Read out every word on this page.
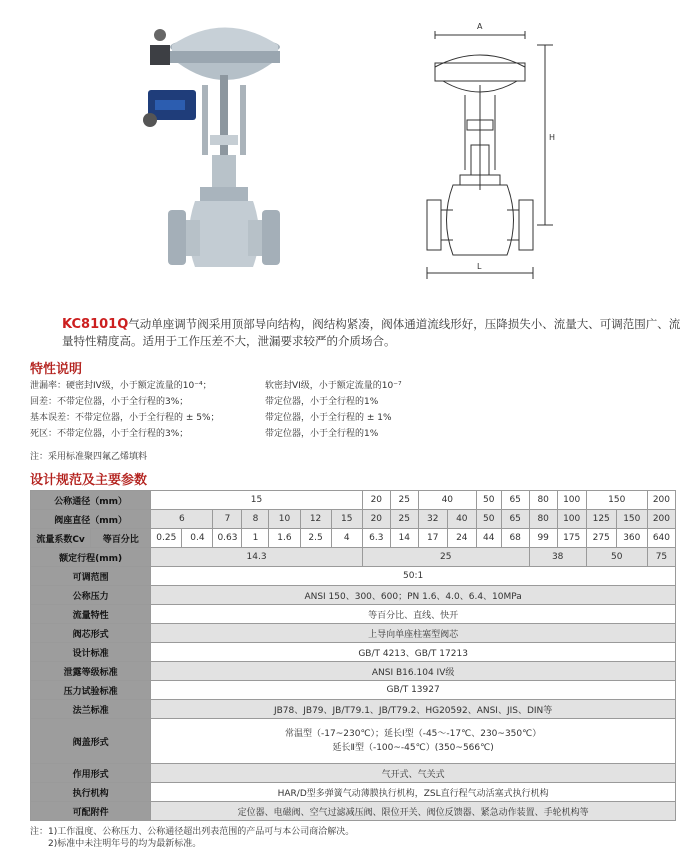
A
H
L
KC8101Q气动单座调节阀采用顶部导向结构，阀结构紧凑，阀体通道流线形好，压降损失小、流量大、可调范围广、流量特性精度高。适用于工作压差不大，泄漏要求较严的介质场合。
特性说明
泄漏率：硬密封IV级，小于额定流量的10⁻⁴；	软密封VI级，小于额定流量的10⁻⁷
回差：不带定位器，小于全行程的3%；	带定位器，小于全行程的1%
基本误差：不带定位器，小于全行程的 ± 5%；	带定位器，小于全行程的 ± 1%
死区：不带定位器，小于全行程的3%；	带定位器，小于全行程的1%
注：采用标准聚四氟乙烯填料
设计规范及主要参数
公称通径（mm）		15							20	25	40		50	65	80	100	150		200
阀座直径（mm）		6		7	8	10	12	15	20	25	32	40	50	65	80	100	125	150	200
流量系数Cv	等百分比	0.25	0.4	0.63	1	1.6	2.5	4	6.3	14	17	24	44	68	99	175	275	360	640
额定行程(mm)		14.3							25						38		50		75
可调范围		50:1																	
公称压力		ANSI 150、300、600；PN 1.6、4.0、6.4、10MPa																	
流量特性		等百分比、直线、快开																	
阀芯形式		上导向单座柱塞型阀芯																	
设计标准		GB/T 4213、GB/T 17213																	
泄露等级标准		ANSI B16.104 IV级																	
压力试验标准		GB/T 13927																	
法兰标准		JB78、JB79、JB/T79.1、JB/T79.2、HG20592、ANSI、JIS、DIN等																	
阀盖形式		常温型（-17~230℃）；延长Ⅰ型（-45～-17℃、230~350℃）
延长Ⅱ型（-100~-45℃）(350~566℃)																	

作用形式		气开式、气关式																	
执行机构		HAR/D型多弹簧气动薄膜执行机构，ZSL直行程气动活塞式执行机构																	
可配附件		定位器、电磁阀、空气过滤减压阀、限位开关、阀位反馈器、紧急动作装置、手轮机构等																	
注：1)工作温度、公称压力、公称通径超出列表范围的产品可与本公司商洽解决。
2)标准中未注明年号的均为最新标准。
